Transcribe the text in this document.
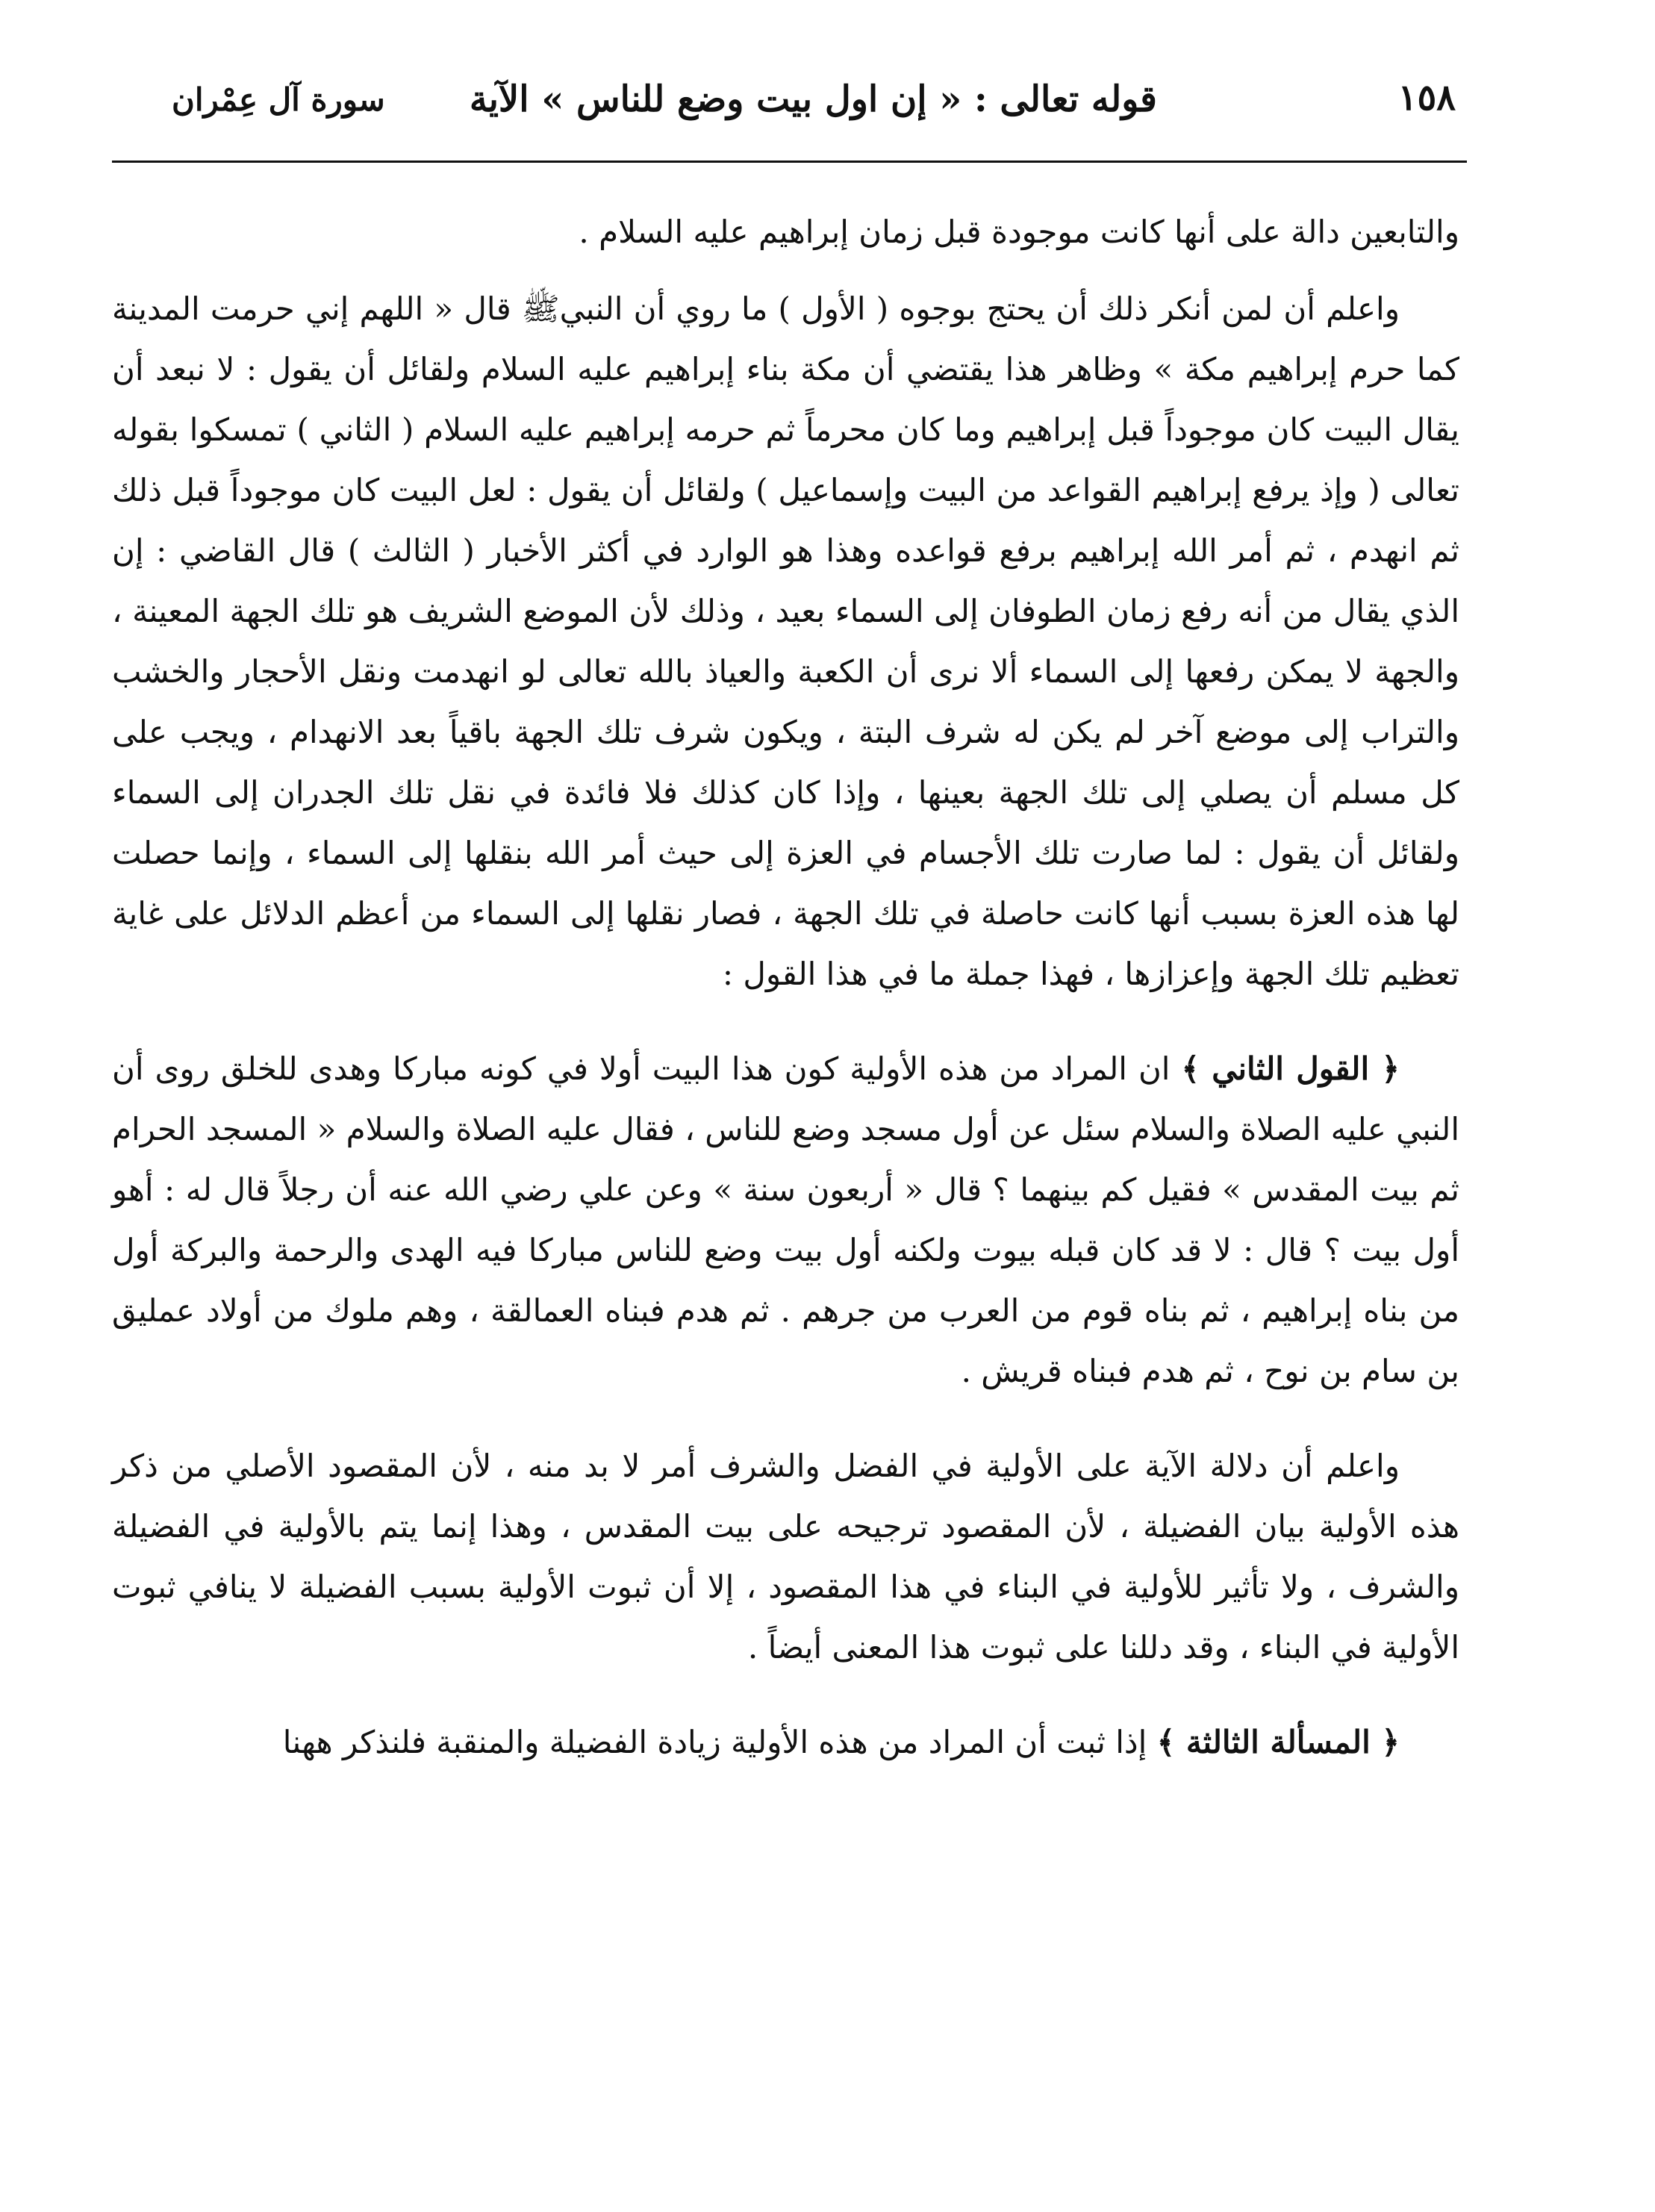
١٥٨
قوله تعالى : « إن اول بيت وضع للناس » الآية
سورة آل عِمْران

والتابعين دالة على أنها كانت موجودة قبل زمان إبراهيم عليه السلام .

واعلم أن لمن أنكر ذلك أن يحتج بوجوه ( الأول ) ما روي أن النبيﷺ قال « اللهم إني حرمت المدينة كما حرم إبراهيم مكة » وظاهر هذا يقتضي أن مكة بناء إبراهيم عليه السلام ولقائل أن يقول : لا نبعد أن يقال البيت كان موجوداً قبل إبراهيم وما كان محرماً ثم حرمه إبراهيم عليه السلام ( الثاني ) تمسكوا بقوله تعالى ( وإذ يرفع إبراهيم القواعد من البيت وإسماعيل ) ولقائل أن يقول : لعل البيت كان موجوداً قبل ذلك ثم انهدم ، ثم أمر الله إبراهيم برفع قواعده وهذا هو الوارد في أكثر الأخبار ( الثالث ) قال القاضي : إن الذي يقال من أنه رفع زمان الطوفان إلى السماء بعيد ، وذلك لأن الموضع الشريف هو تلك الجهة المعينة ، والجهة لا يمكن رفعها إلى السماء ألا نرى أن الكعبة والعياذ بالله تعالى لو انهدمت ونقل الأحجار والخشب والتراب إلى موضع آخر لم يكن له شرف البتة ، ويكون شرف تلك الجهة باقياً بعد الانهدام ، ويجب على كل مسلم أن يصلي إلى تلك الجهة بعينها ، وإذا كان كذلك فلا فائدة في نقل تلك الجدران إلى السماء ولقائل أن يقول : لما صارت تلك الأجسام في العزة إلى حيث أمر الله بنقلها إلى السماء ، وإنما حصلت لها هذه العزة بسبب أنها كانت حاصلة في تلك الجهة ، فصار نقلها إلى السماء من أعظم الدلائل على غاية تعظيم تلك الجهة وإعزازها ، فهذا جملة ما في هذا القول :

﴿ القول الثاني ﴾ ان المراد من هذه الأولية كون هذا البيت أولا في كونه مباركا وهدى للخلق روى أن النبي عليه الصلاة والسلام سئل عن أول مسجد وضع للناس ، فقال عليه الصلاة والسلام « المسجد الحرام ثم بيت المقدس » فقيل كم بينهما ؟ قال « أربعون سنة » وعن علي رضي الله عنه أن رجلاً قال له : أهو أول بيت ؟ قال : لا قد كان قبله بيوت ولكنه أول بيت وضع للناس مباركا فيه الهدى والرحمة والبركة أول من بناه إبراهيم ، ثم بناه قوم من العرب من جرهم . ثم هدم فبناه العمالقة ، وهم ملوك من أولاد عمليق بن سام بن نوح ، ثم هدم فبناه قريش .

واعلم أن دلالة الآية على الأولية في الفضل والشرف أمر لا بد منه ، لأن المقصود الأصلي من ذكر هذه الأولية بيان الفضيلة ، لأن المقصود ترجيحه على بيت المقدس ، وهذا إنما يتم بالأولية في الفضيلة والشرف ، ولا تأثير للأولية في البناء في هذا المقصود ، إلا أن ثبوت الأولية بسبب الفضيلة لا ينافي ثبوت الأولية في البناء ، وقد دللنا على ثبوت هذا المعنى أيضاً .

﴿ المسألة الثالثة ﴾ إذا ثبت أن المراد من هذه الأولية زيادة الفضيلة والمنقبة فلنذكر ههنا
